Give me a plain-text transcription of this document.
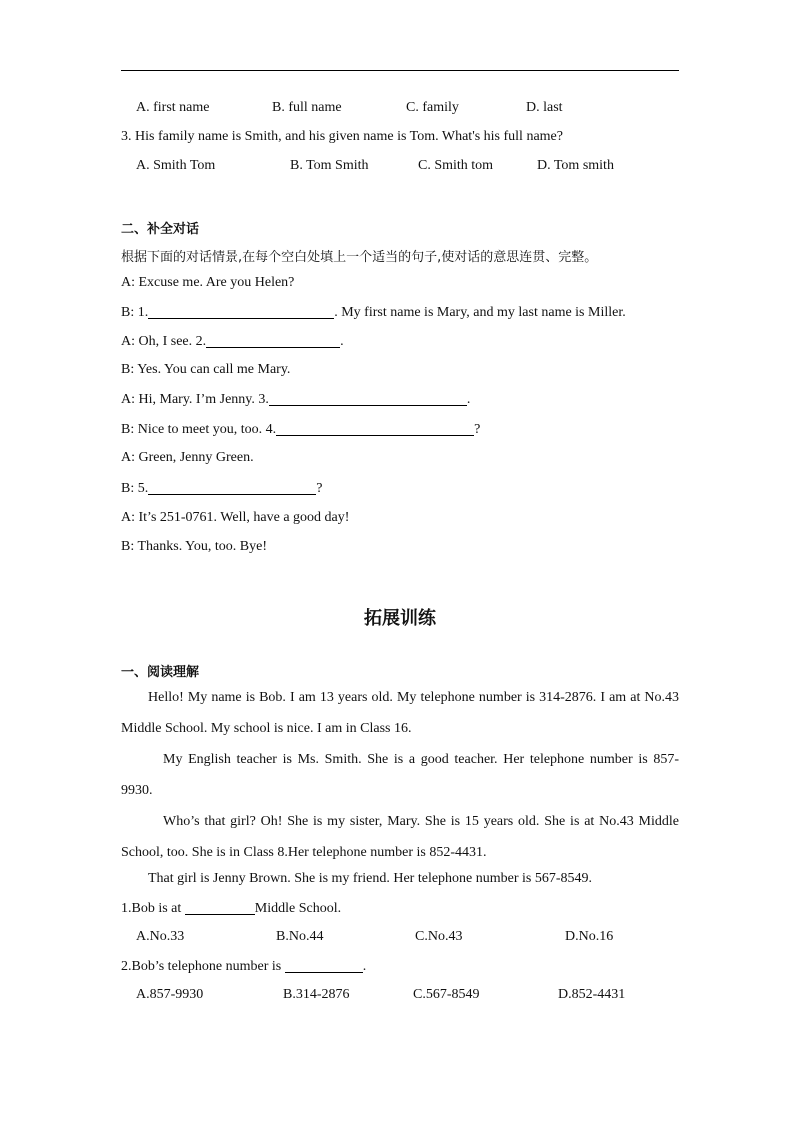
A. first name	B. full name	C. family	D. last
3. His family name is Smith, and his given name is Tom. What's his full name?
A. Smith Tom	B. Tom Smith	C. Smith tom	D. Tom smith
二、补全对话
根据下面的对话情景,在每个空白处填上一个适当的句子,使对话的意思连贯、完整。
A: Excuse me. Are you Helen?
B: 1.	. My first name is Mary, and my last name is Miller.
A: Oh, I see. 2.	.
B: Yes. You can call me Mary.
A: Hi, Mary. I’m Jenny. 3.	.
B: Nice to meet you, too. 4.	?
A: Green, Jenny Green.
B: 5.	?
A: It’s 251-0761. Well, have a good day!
B: Thanks. You, too. Bye!
拓展训练
一、阅读理解
Hello! My name is Bob. I am 13 years old. My telephone number is 314-2876. I am at No.43
Middle School. My school is nice. I am in Class 16.
My English teacher is Ms. Smith. She is a good teacher. Her telephone number is 857-
9930.
Who’s that girl? Oh! She is my sister, Mary. She is 15 years old. She is at No.43 Middle
School, too. She is in Class 8.Her telephone number is 852-4431.
That girl is Jenny Brown. She is my friend. Her telephone number is 567-8549.
1.Bob is at	Middle School.
A.No.33	B.No.44	C.No.43	D.No.16
2.Bob’s telephone number is	.
A.857-9930	B.314-2876	C.567-8549	D.852-4431
